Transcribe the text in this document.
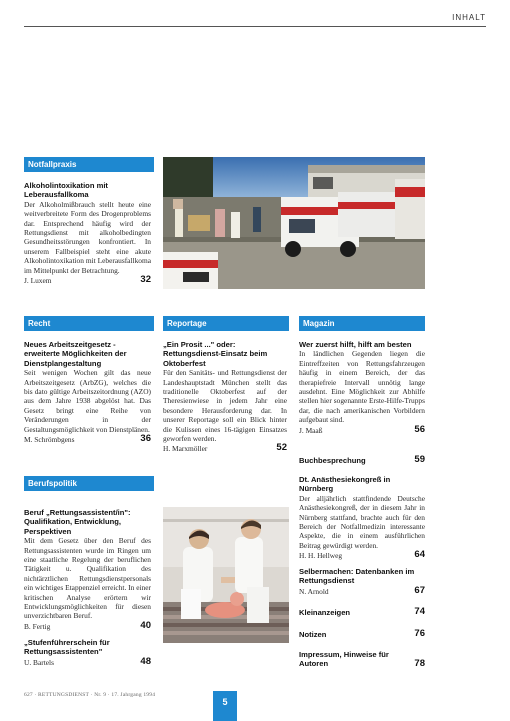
INHALT
Notfallpraxis
Alkoholintoxikation mit Leberausfallkoma

Der Alkoholmißbrauch stellt heute eine weitverbreitete Form des Drogenproblems dar. Entsprechend häufig wird der Rettungsdienst mit alkoholbedingten Gesundheitsstörungen konfrontiert. In unserem Fallbeispiel steht eine akute Alkoholintoxikation mit Leberausfallkoma im Mittelpunkt der Betrachtung.

J. Luxem	32
Recht
Neues Arbeitszeitgesetz - erweiterte Möglichkeiten der Dienstplangestaltung

Seit wenigen Wochen gilt das neue Arbeitszeitgesetz (ArbZG), welches die bis dato gültige Arbeitszeitordnung (AZO) aus dem Jahre 1938 abgelöst hat. Das Gesetz bringt eine Reihe von Veränderungen in der Gestaltungsmöglichkeit von Dienstplänen.

M. Schrömbgens	36
Reportage
„Ein Prosit ..." oder: Rettungsdienst-Einsatz beim Oktoberfest

Für den Sanitäts- und Rettungsdienst der Landeshauptstadt München stellt das traditionelle Oktoberfest auf der Theresienwiese in jedem Jahr eine besondere Herausforderung dar. In unserer Reportage soll ein Blick hinter die Kulissen eines 16-tägigen Einsatzes geworfen werden.

H. Marxmöller	52
Magazin
Wer zuerst hilft, hilft am besten

In ländlichen Gegenden liegen die Eintreffzeiten von Rettungsfahrzeugen häufig in einem Bereich, der das therapiefreie Intervall unnötig lange ausdehnt. Eine Möglichkeit zur Abhilfe stellen hier sogenannte Erste-Hilfe-Trupps dar, die nach amerikanischen Vorbildern aufgebaut sind.

J. Maaß	56
Buchbesprechung	59
Dt. Anästhesiekongreß in Nürnberg

Der alljährlich stattfindende Deutsche Anästhesiekongreß, der in diesem Jahr in Nürnberg stattfand, brachte auch für den Bereich der Notfallmedizin interessante Aspekte, die in einem ausführlichen Beitrag gewürdigt werden.

H. H. Hellweg	64
Selbermachen: Datenbanken im Rettungsdienst
N. Arnold	67
Kleinanzeigen	74
Notizen	76
Impressum, Hinweise für Autoren	78
Berufspolitik
Beruf „Rettungsassistent/in": Qualifikation, Entwicklung, Perspektiven

Mit dem Gesetz über den Beruf des Rettungsassistenten wurde im Ringen um eine staatliche Regelung der beruflichen Tätigkeit u. Qualifikation des nichtärztlichen Rettungsdienstpersonals ein wichtiges Etappenziel erreicht. In einer kritischen Analyse erörtern wir Entwicklungsmöglichkeiten für diesen unverzichtbaren Beruf.

B. Fertig	40
„Stufenführerschein für Rettungsassistenten"
U. Bartels	48
627 · RETTUNGSDIENST · Nr. 9 · 17. Jahrgang 1994
5
